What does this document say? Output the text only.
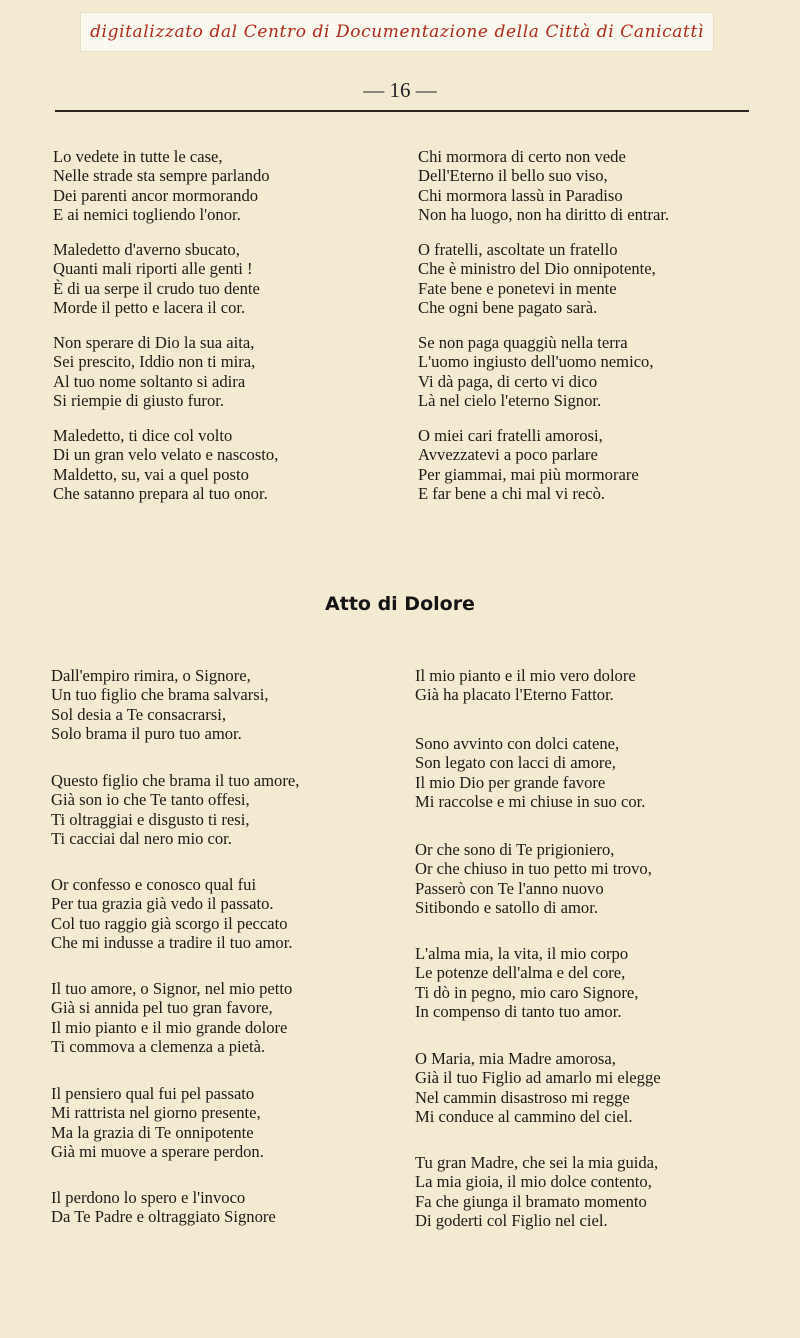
digitalizzato dal Centro di Documentazione della Città di Canicattì
— 16 —
Lo vedete in tutte le case,
Nelle strade sta sempre parlando
Dei parenti ancor mormorando
E ai nemici togliendo l'onor.
Maledetto d'averno sbucato,
Quanti mali riporti alle genti !
È di ua serpe il crudo tuo dente
Morde il petto e lacera il cor.
Non sperare di Dio la sua aita,
Sei prescito, Iddio non ti mira,
Al tuo nome soltanto si adira
Si riempie di giusto furor.
Maledetto, ti dice col volto
Di un gran velo velato e nascosto,
Maldetto, su, vai a quel posto
Che satanno prepara al tuo onor.
Chi mormora di certo non vede
Dell'Eterno il bello suo viso,
Chi mormora lassù in Paradiso
Non ha luogo, non ha diritto di entrar.
O fratelli, ascoltate un fratello
Che è ministro del Dio onnipotente,
Fate bene e ponetevi in mente
Che ogni bene pagato sarà.
Se non paga quaggiù nella terra
L'uomo ingiusto dell'uomo nemico,
Vi dà paga, di certo vi dico
Là nel cielo l'eterno Signor.
O miei cari fratelli amorosi,
Avvezzatevi a poco parlare
Per giammai, mai più mormorare
E far bene a chi mal vi recò.
Atto di Dolore
Dall'empiro rimira, o Signore,
Un tuo figlio che brama salvarsi,
Sol desia a Te consacrarsi,
Solo brama il puro tuo amor.
Questo figlio che brama il tuo amore,
Già son io che Te tanto offesi,
Ti oltraggiai e disgusto ti resi,
Ti cacciai dal nero mio cor.
Or confesso e conosco qual fui
Per tua grazia già vedo il passato.
Col tuo raggio già scorgo il peccato
Che mi indusse a tradire il tuo amor.
Il tuo amore, o Signor, nel mio petto
Già si annida pel tuo gran favore,
Il mio pianto e il mio grande dolore
Ti commova a clemenza a pietà.
Il pensiero qual fui pel passato
Mi rattrista nel giorno presente,
Ma la grazia di Te onnipotente
Già mi muove a sperare perdon.
Il perdono lo spero e l'invoco
Da Te Padre e oltraggiato Signore
Il mio pianto e il mio vero dolore
Già ha placato l'Eterno Fattor.
Sono avvinto con dolci catene,
Son legato con lacci di amore,
Il mio Dio per grande favore
Mi raccolse e mi chiuse in suo cor.
Or che sono di Te prigioniero,
Or che chiuso in tuo petto mi trovo,
Passerò con Te l'anno nuovo
Sitibondo e satollo di amor.
L'alma mia, la vita, il mio corpo
Le potenze dell'alma e del core,
Ti dò in pegno, mio caro Signore,
In compenso di tanto tuo amor.
O Maria, mia Madre amorosa,
Già il tuo Figlio ad amarlo mi elegge
Nel cammin disastroso mi regge
Mi conduce al cammino del ciel.
Tu gran Madre, che sei la mia guida,
La mia gioia, il mio dolce contento,
Fa che giunga il bramato momento
Di goderti col Figlio nel ciel.
